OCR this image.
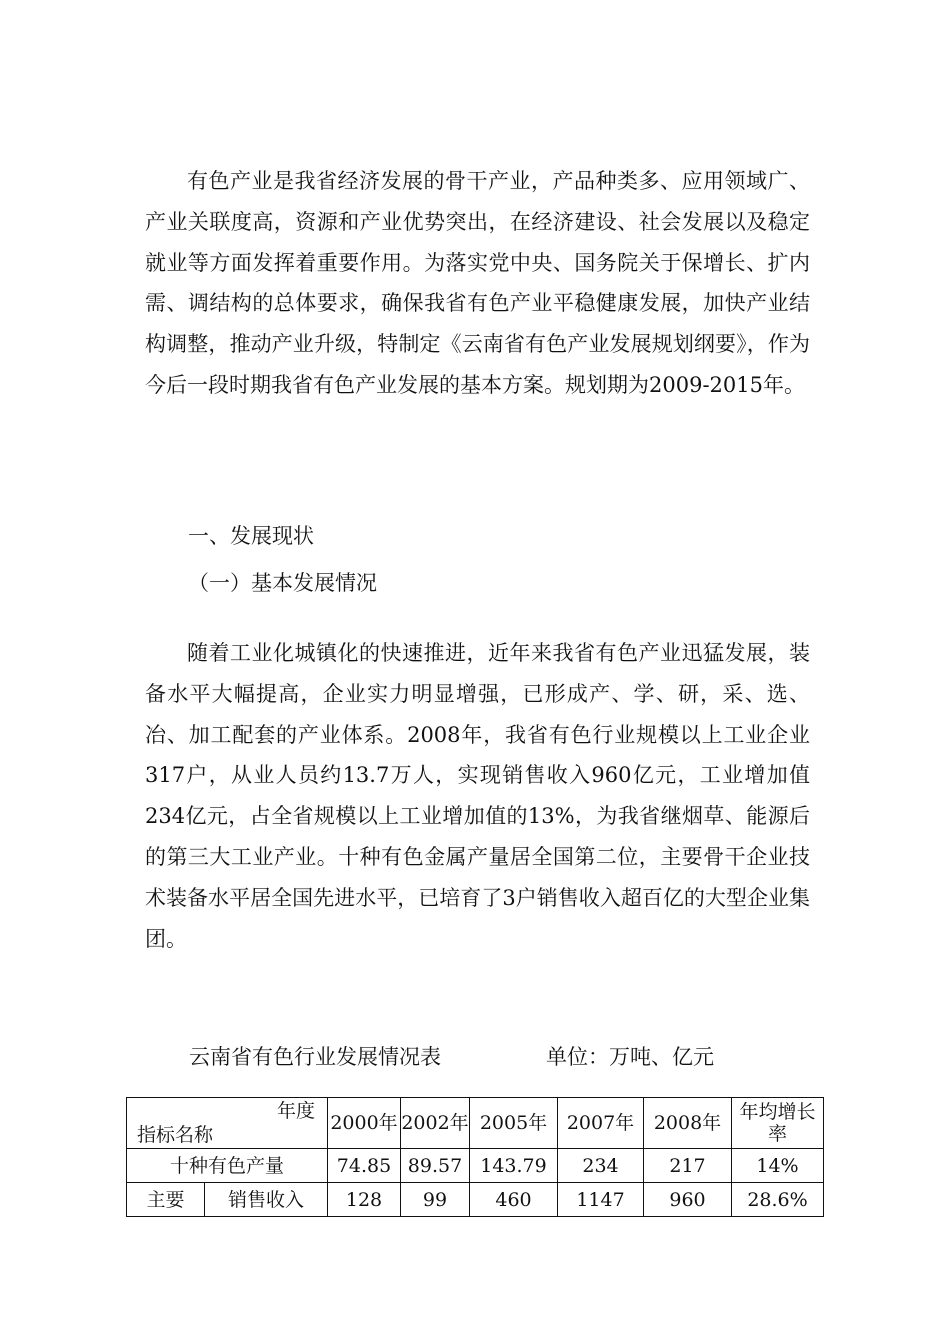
有色产业是我省经济发展的骨干产业，产品种类多、应用领域广、产业关联度高，资源和产业优势突出，在经济建设、社会发展以及稳定就业等方面发挥着重要作用。为落实党中央、国务院关于保增长、扩内需、调结构的总体要求，确保我省有色产业平稳健康发展，加快产业结构调整，推动产业升级，特制定《云南省有色产业发展规划纲要》，作为今后一段时期我省有色产业发展的基本方案。规划期为2009-2015年。

一、发展现状
（一）基本发展情况

随着工业化城镇化的快速推进，近年来我省有色产业迅猛发展，装备水平大幅提高，企业实力明显增强，已形成产、学、研，采、选、冶、加工配套的产业体系。2008年，我省有色行业规模以上工业企业317户，从业人员约13.7万人，实现销售收入960亿元，工业增加值234亿元，占全省规模以上工业增加值的13%，为我省继烟草、能源后的第三大工业产业。十种有色金属产量居全国第二位，主要骨干企业技术装备水平居全国先进水平，已培育了3户销售收入超百亿的大型企业集团。

云南省有色行业发展情况表	单位：万吨、亿元
年度
指标名称		2000年	2002年	2005年	2007年	2008年	年均增长率
十种有色产量		74.85	89.57	143.79	234	217	14%
主要	销售收入	128	99	460	1147	960	28.6%
